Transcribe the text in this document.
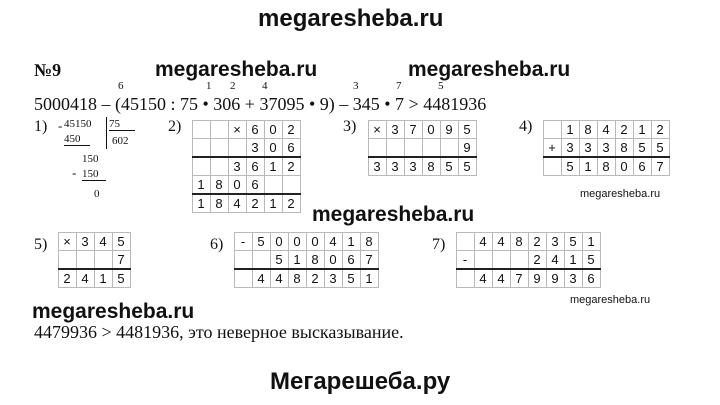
megaresheba.ru
megaresheba.ru	megaresheba.ru
megaresheba.ru
megaresheba.ru
megaresheba.ru
megaresheba.ru
Мегарешеба.ру
№9
6	1 2 4	3	7	5
5000418 – (45150 : 75 • 306 + 37095 • 9) – 345 • 7 > 4481936
1) - 45150 75
450	602
150
- 150
0
2)
			×	6	0	2
			3	0	6
		3	6	1	2
1	8	0	6		
1	8	4	2	1	2
3) ×	3	7	0	9	5
					9
3	3	3	8	5	5
4)
		1	8	4	2	1	2
+	3	3	3	8	5	5
	5	1	8	0	6	7
5) ×	3	4	5
			7
2	4	1	5
6) -	5	0	0	0	4	1	8
		5	1	8	0	6	7
	4	4	8	2	3	5	1
7)
		4	4	8	2	3	5	1
-				2	4	1	5
	4	4	7	9	9	3	6
4479936 > 4481936, это неверное высказывание.
